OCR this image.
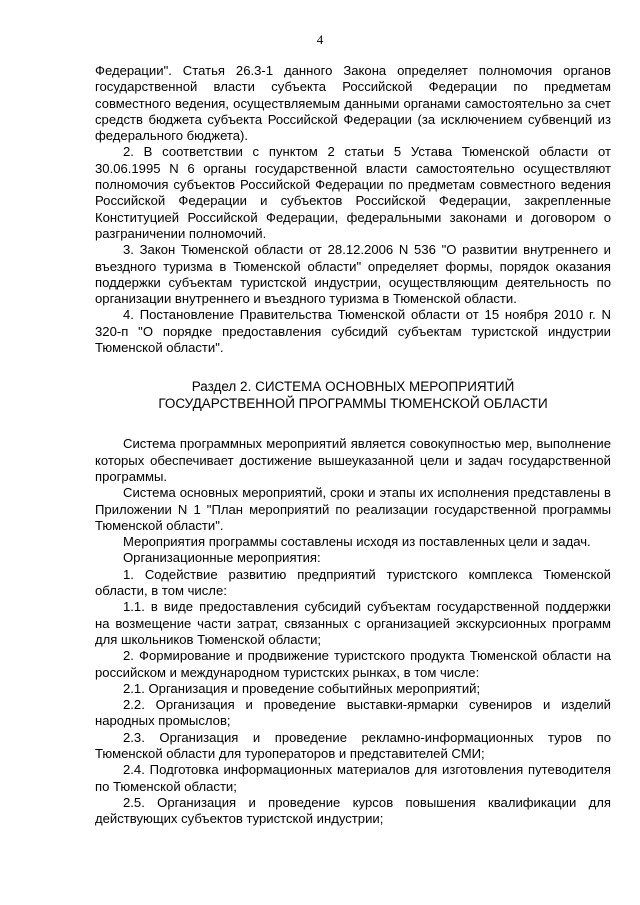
4

Федерации". Статья 26.3-1 данного Закона определяет полномочия органов государственной власти субъекта Российской Федерации по предметам совместного ведения, осуществляемым данными органами самостоятельно за счет средств бюджета субъекта Российской Федерации (за исключением субвенций из федерального бюджета).

2. В соответствии с пунктом 2 статьи 5 Устава Тюменской области от 30.06.1995 N 6 органы государственной власти самостоятельно осуществляют полномочия субъектов Российской Федерации по предметам совместного ведения Российской Федерации и субъектов Российской Федерации, закрепленные Конституцией Российской Федерации, федеральными законами и договором о разграничении полномочий.

3. Закон Тюменской области от 28.12.2006 N 536 "О развитии внутреннего и въездного туризма в Тюменской области" определяет формы, порядок оказания поддержки субъектам туристской индустрии, осуществляющим деятельность по организации внутреннего и въездного туризма в Тюменской области.

4. Постановление Правительства Тюменской области от 15 ноября 2010 г. N 320-п "О порядке предоставления субсидий субъектам туристской индустрии Тюменской области".

Раздел 2. СИСТЕМА ОСНОВНЫХ МЕРОПРИЯТИЙ
ГОСУДАРСТВЕННОЙ ПРОГРАММЫ ТЮМЕНСКОЙ ОБЛАСТИ

Система программных мероприятий является совокупностью мер, выполнение которых обеспечивает достижение вышеуказанной цели и задач государственной программы.

Система основных мероприятий, сроки и этапы их исполнения представлены в Приложении N 1 "План мероприятий по реализации государственной программы Тюменской области".

Мероприятия программы составлены исходя из поставленных цели и задач.

Организационные мероприятия:

1. Содействие развитию предприятий туристского комплекса Тюменской области, в том числе:

1.1. в виде предоставления субсидий субъектам государственной поддержки на возмещение части затрат, связанных с организацией экскурсионных программ для школьников Тюменской области;

2. Формирование и продвижение туристского продукта Тюменской области на российском и международном туристских рынках, в том числе:

2.1. Организация и проведение событийных мероприятий;

2.2. Организация и проведение выставки-ярмарки сувениров и изделий народных промыслов;

2.3. Организация и проведение рекламно-информационных туров по Тюменской области для туроператоров и представителей СМИ;

2.4. Подготовка информационных материалов для изготовления путеводителя по Тюменской области;

2.5. Организация и проведение курсов повышения квалификации для действующих субъектов туристской индустрии;
